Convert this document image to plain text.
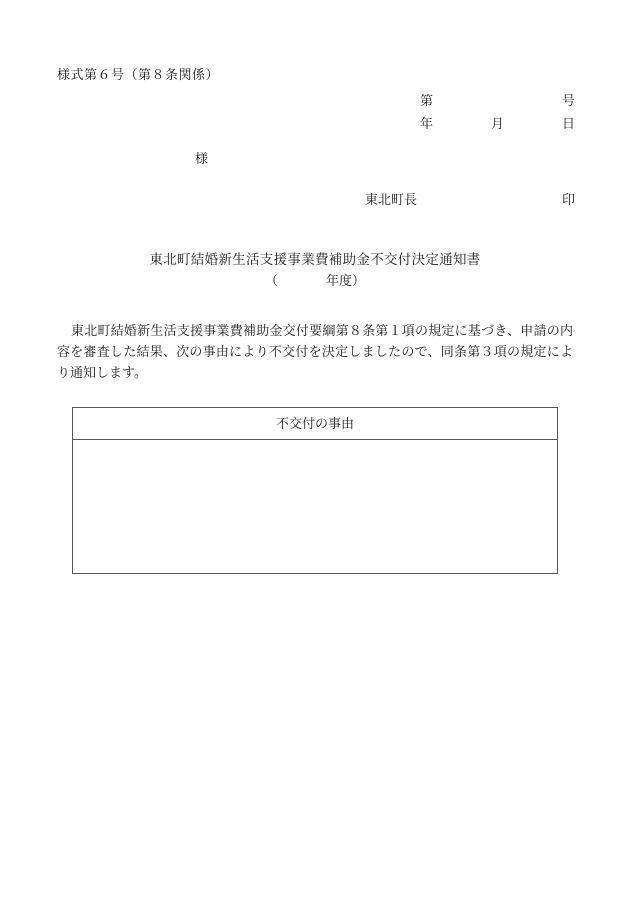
様式第６号（第８条関係）
第	号
年	月	日
様
東北町長	印
東北町結婚新生活支援事業費補助金不交付決定通知書
（	年度）
東北町結婚新生活支援事業費補助金交付要綱第８条第１項の規定に基づき、申請の内容を審査した結果、次の事由により不交付を決定しましたので、同条第３項の規定により通知します。
不交付の事由
